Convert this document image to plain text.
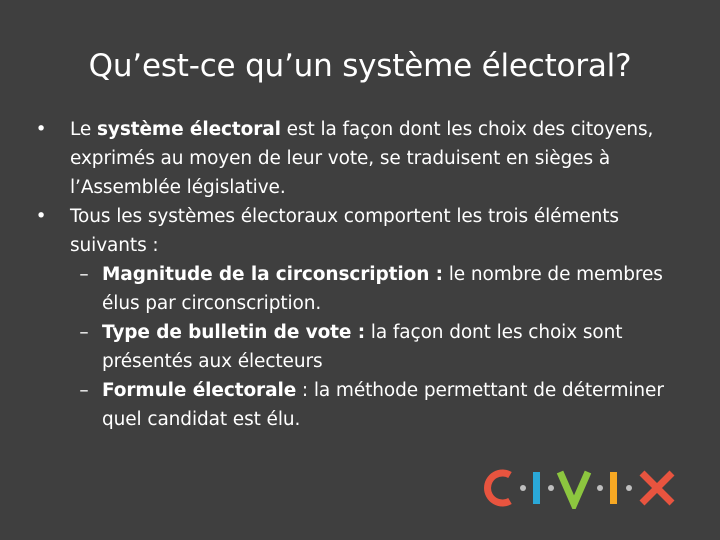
Qu’est-ce qu’un système électoral?
• Le système électoral est la façon dont les choix des citoyens, exprimés au moyen de leur vote, se traduisent en sièges à l’Assemblée législative.
• Tous les systèmes électoraux comportent les trois éléments suivants :
– Magnitude de la circonscription : le nombre de membres élus par circonscription.
– Type de bulletin de vote : la façon dont les choix sont présentés aux électeurs
– Formule électorale : la méthode permettant de déterminer quel candidat est élu.
